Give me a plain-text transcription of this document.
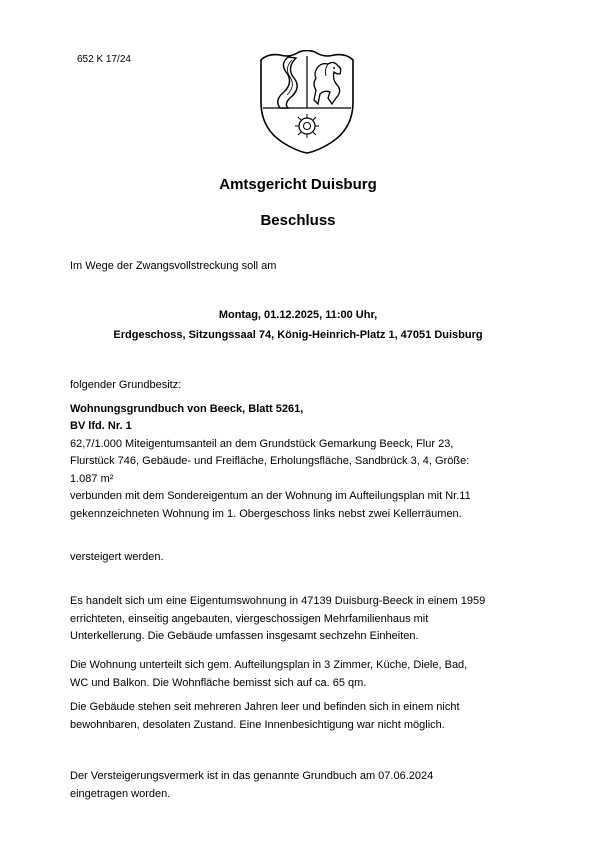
652 K 17/24
Amtsgericht Duisburg
Beschluss
Im Wege der Zwangsvollstreckung soll am
Montag, 01.12.2025, 11:00 Uhr,
Erdgeschoss, Sitzungssaal 74, König-Heinrich-Platz 1, 47051 Duisburg

folgender Grundbesitz:

Wohnungsgrundbuch von Beeck, Blatt 5261,

BV lfd. Nr. 1

62,7/1.000 Miteigentumsanteil an dem Grundstück Gemarkung Beeck, Flur 23,

Flurstück 746, Gebäude- und Freifläche, Erholungsfläche, Sandbrück 3, 4, Größe:

1.087 m²

verbunden mit dem Sondereigentum an der Wohnung im Aufteilungsplan mit Nr.11

gekennzeichneten Wohnung im 1. Obergeschoss links nebst zwei Kellerräumen.

versteigert werden.

Es handelt sich um eine Eigentumswohnung in 47139 Duisburg-Beeck in einem 1959

errichteten, einseitig angebauten, viergeschossigen Mehrfamilienhaus mit

Unterkellerung. Die Gebäude umfassen insgesamt sechzehn Einheiten.

Die Wohnung unterteilt sich gem. Aufteilungsplan in 3 Zimmer, Küche, Diele, Bad,

WC und Balkon. Die Wohnfläche bemisst sich auf ca. 65 qm.

Die Gebäude stehen seit mehreren Jahren leer und befinden sich in einem nicht

bewohnbaren, desolaten Zustand. Eine Innenbesichtigung war nicht möglich.

Der Versteigerungsvermerk ist in das genannte Grundbuch am 07.06.2024

eingetragen worden.
